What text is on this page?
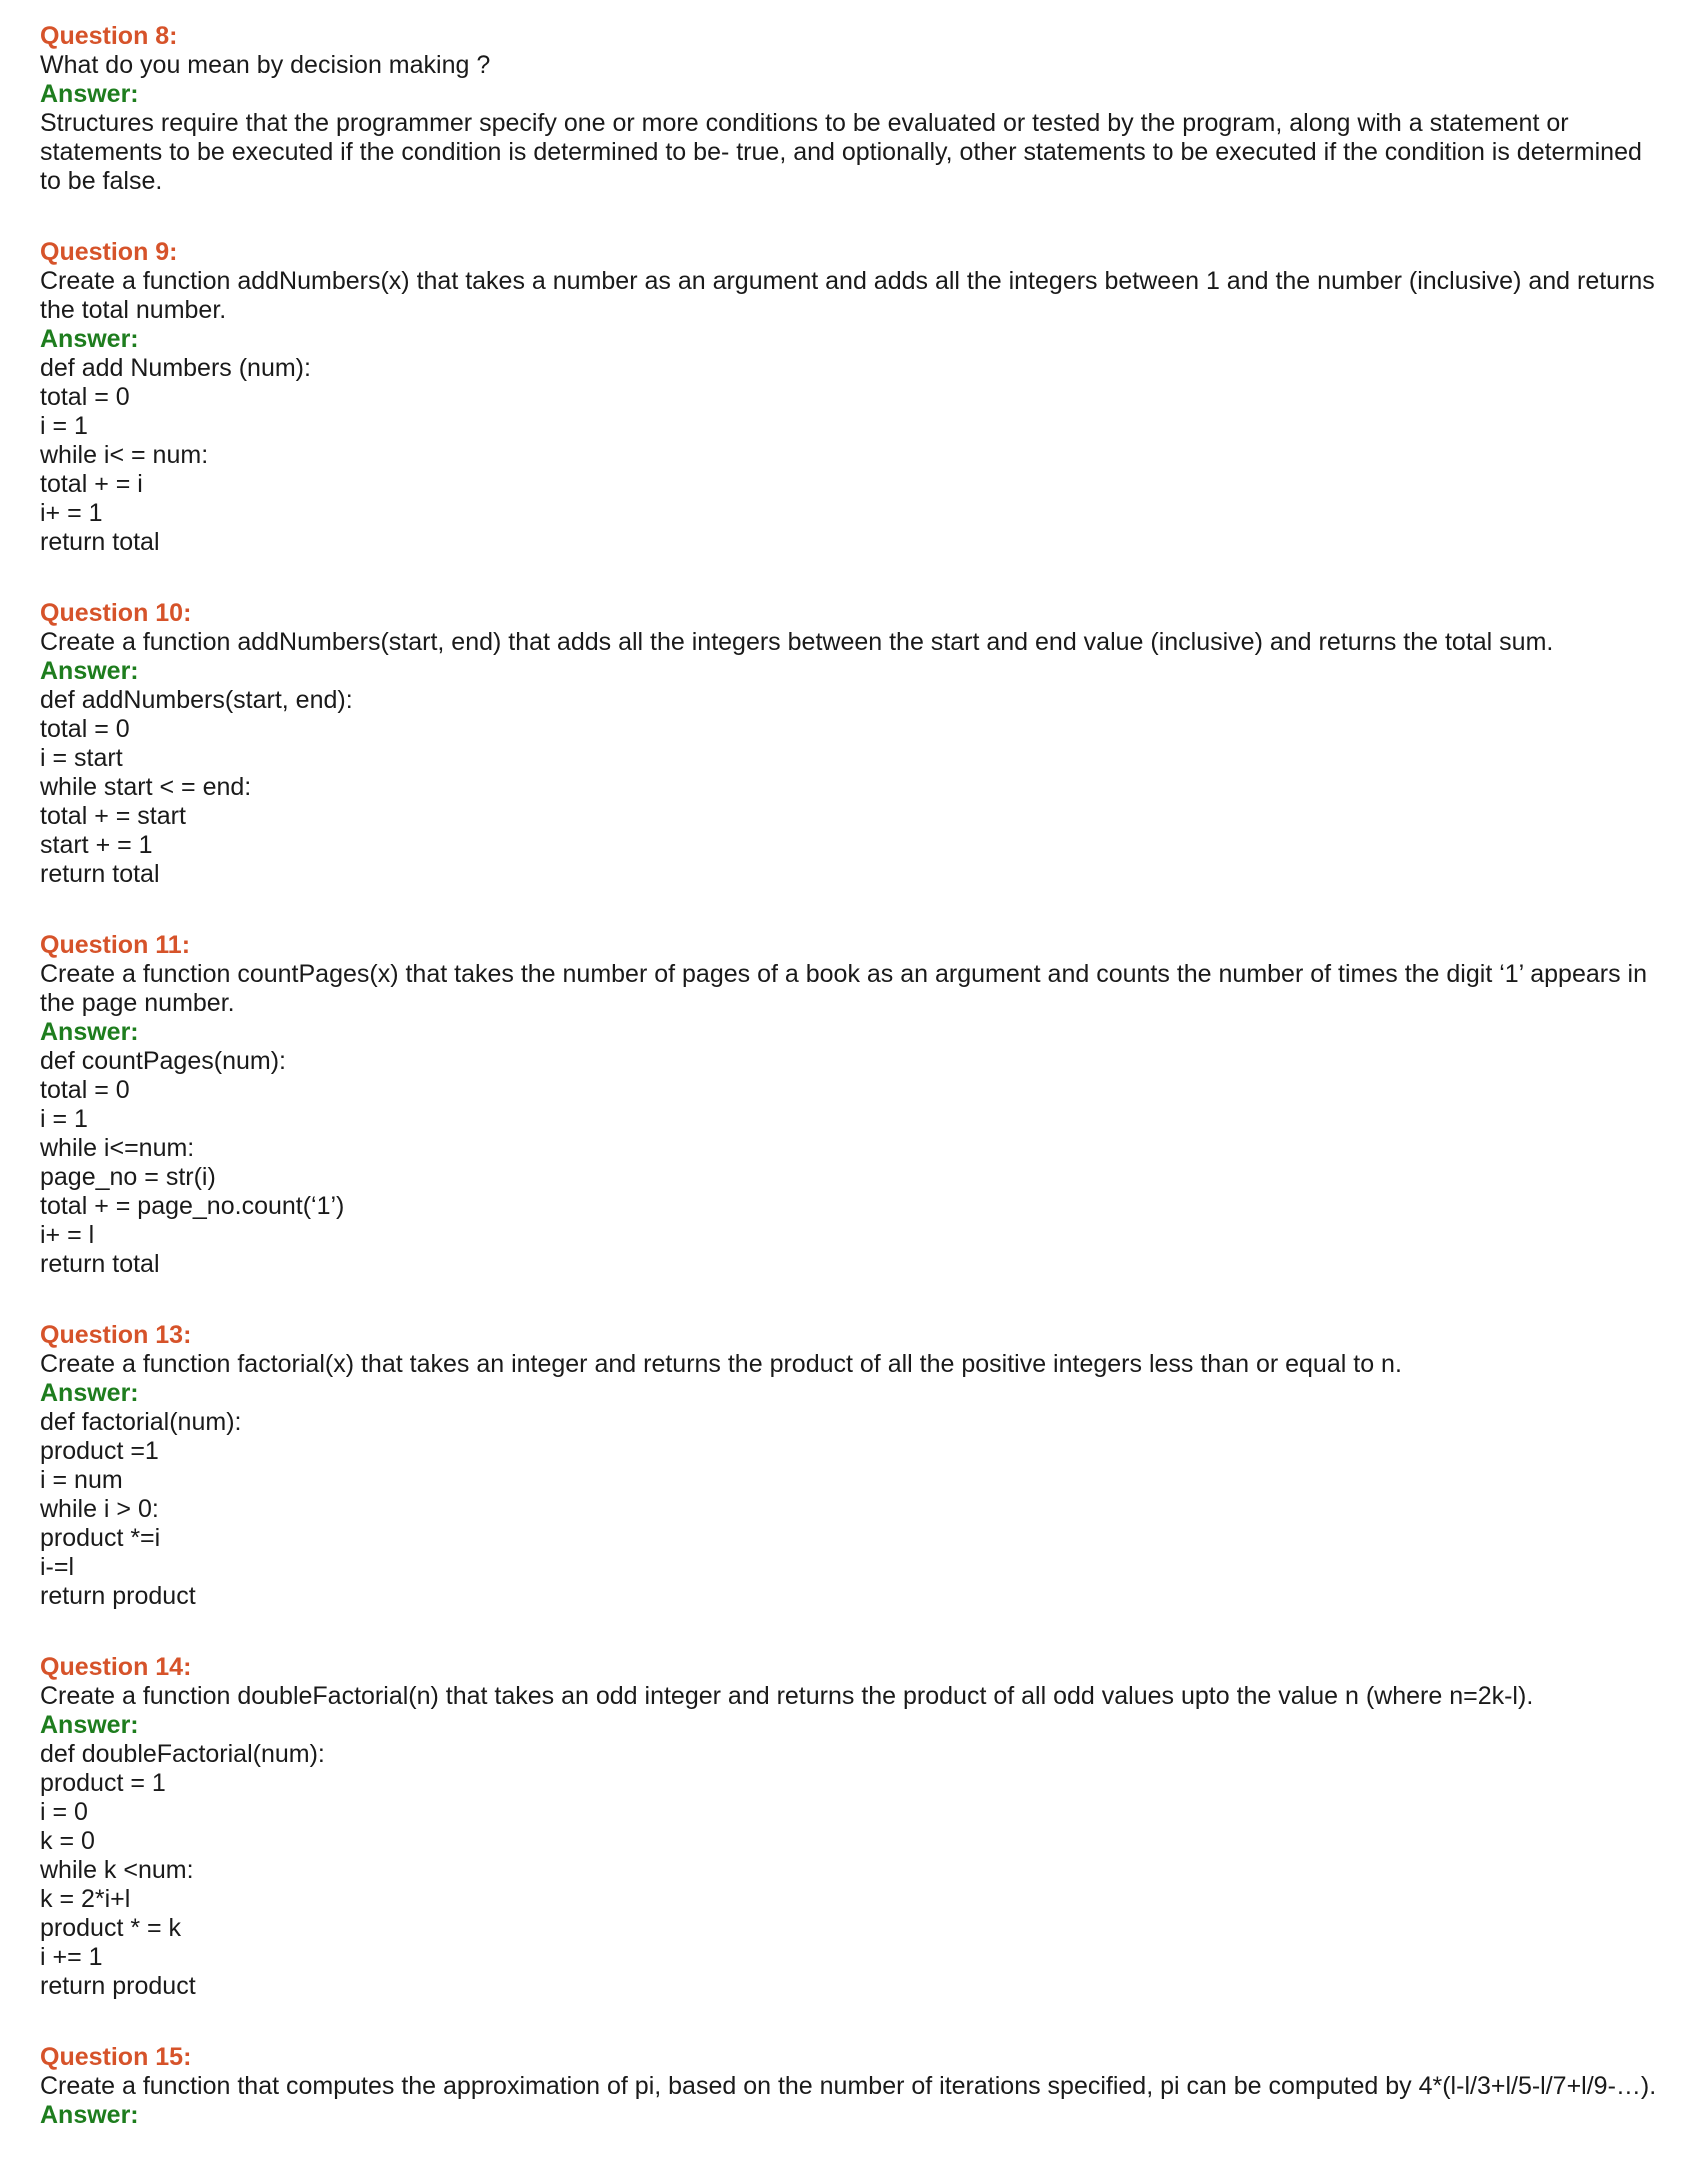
Question 8:
What do you mean by decision making ?
Answer:
Structures require that the programmer specify one or more conditions to be evaluated or tested by the program, along with a statement or
statements to be executed if the condition is determined to be- true, and optionally, other statements to be executed if the condition is determined
to be false.
Question 9:
Create a function addNumbers(x) that takes a number as an argument and adds all the integers between 1 and the number (inclusive) and returns
the total number.
Answer:
def add Numbers (num):
total = 0
i = 1
while i< = num:
total + = i
i+ = 1
return total
Question 10:
Create a function addNumbers(start, end) that adds all the integers between the start and end value (inclusive) and returns the total sum.
Answer:
def addNumbers(start, end):
total = 0
i = start
while start < = end:
total + = start
start + = 1
return total
Question 11:
Create a function countPages(x) that takes the number of pages of a book as an argument and counts the number of times the digit ‘1’ appears in
the page number.
Answer:
def countPages(num):
total = 0
i = 1
while i<=num:
page_no = str(i)
total + = page_no.count(‘1’)
i+ = l
return total
Question 13:
Create a function factorial(x) that takes an integer and returns the product of all the positive integers less than or equal to n.
Answer:
def factorial(num):
product =1
i = num
while i > 0:
product *=i
i-=l
return product
Question 14:
Create a function doubleFactorial(n) that takes an odd integer and returns the product of all odd values upto the value n (where n=2k-l).
Answer:
def doubleFactorial(num):
product = 1
i = 0
k = 0
while k <num:
k = 2*i+l
product * = k
i += 1
return product
Question 15:
Create a function that computes the approximation of pi, based on the number of iterations specified, pi can be computed by 4*(l-l/3+l/5-l/7+l/9-…).
Answer:
